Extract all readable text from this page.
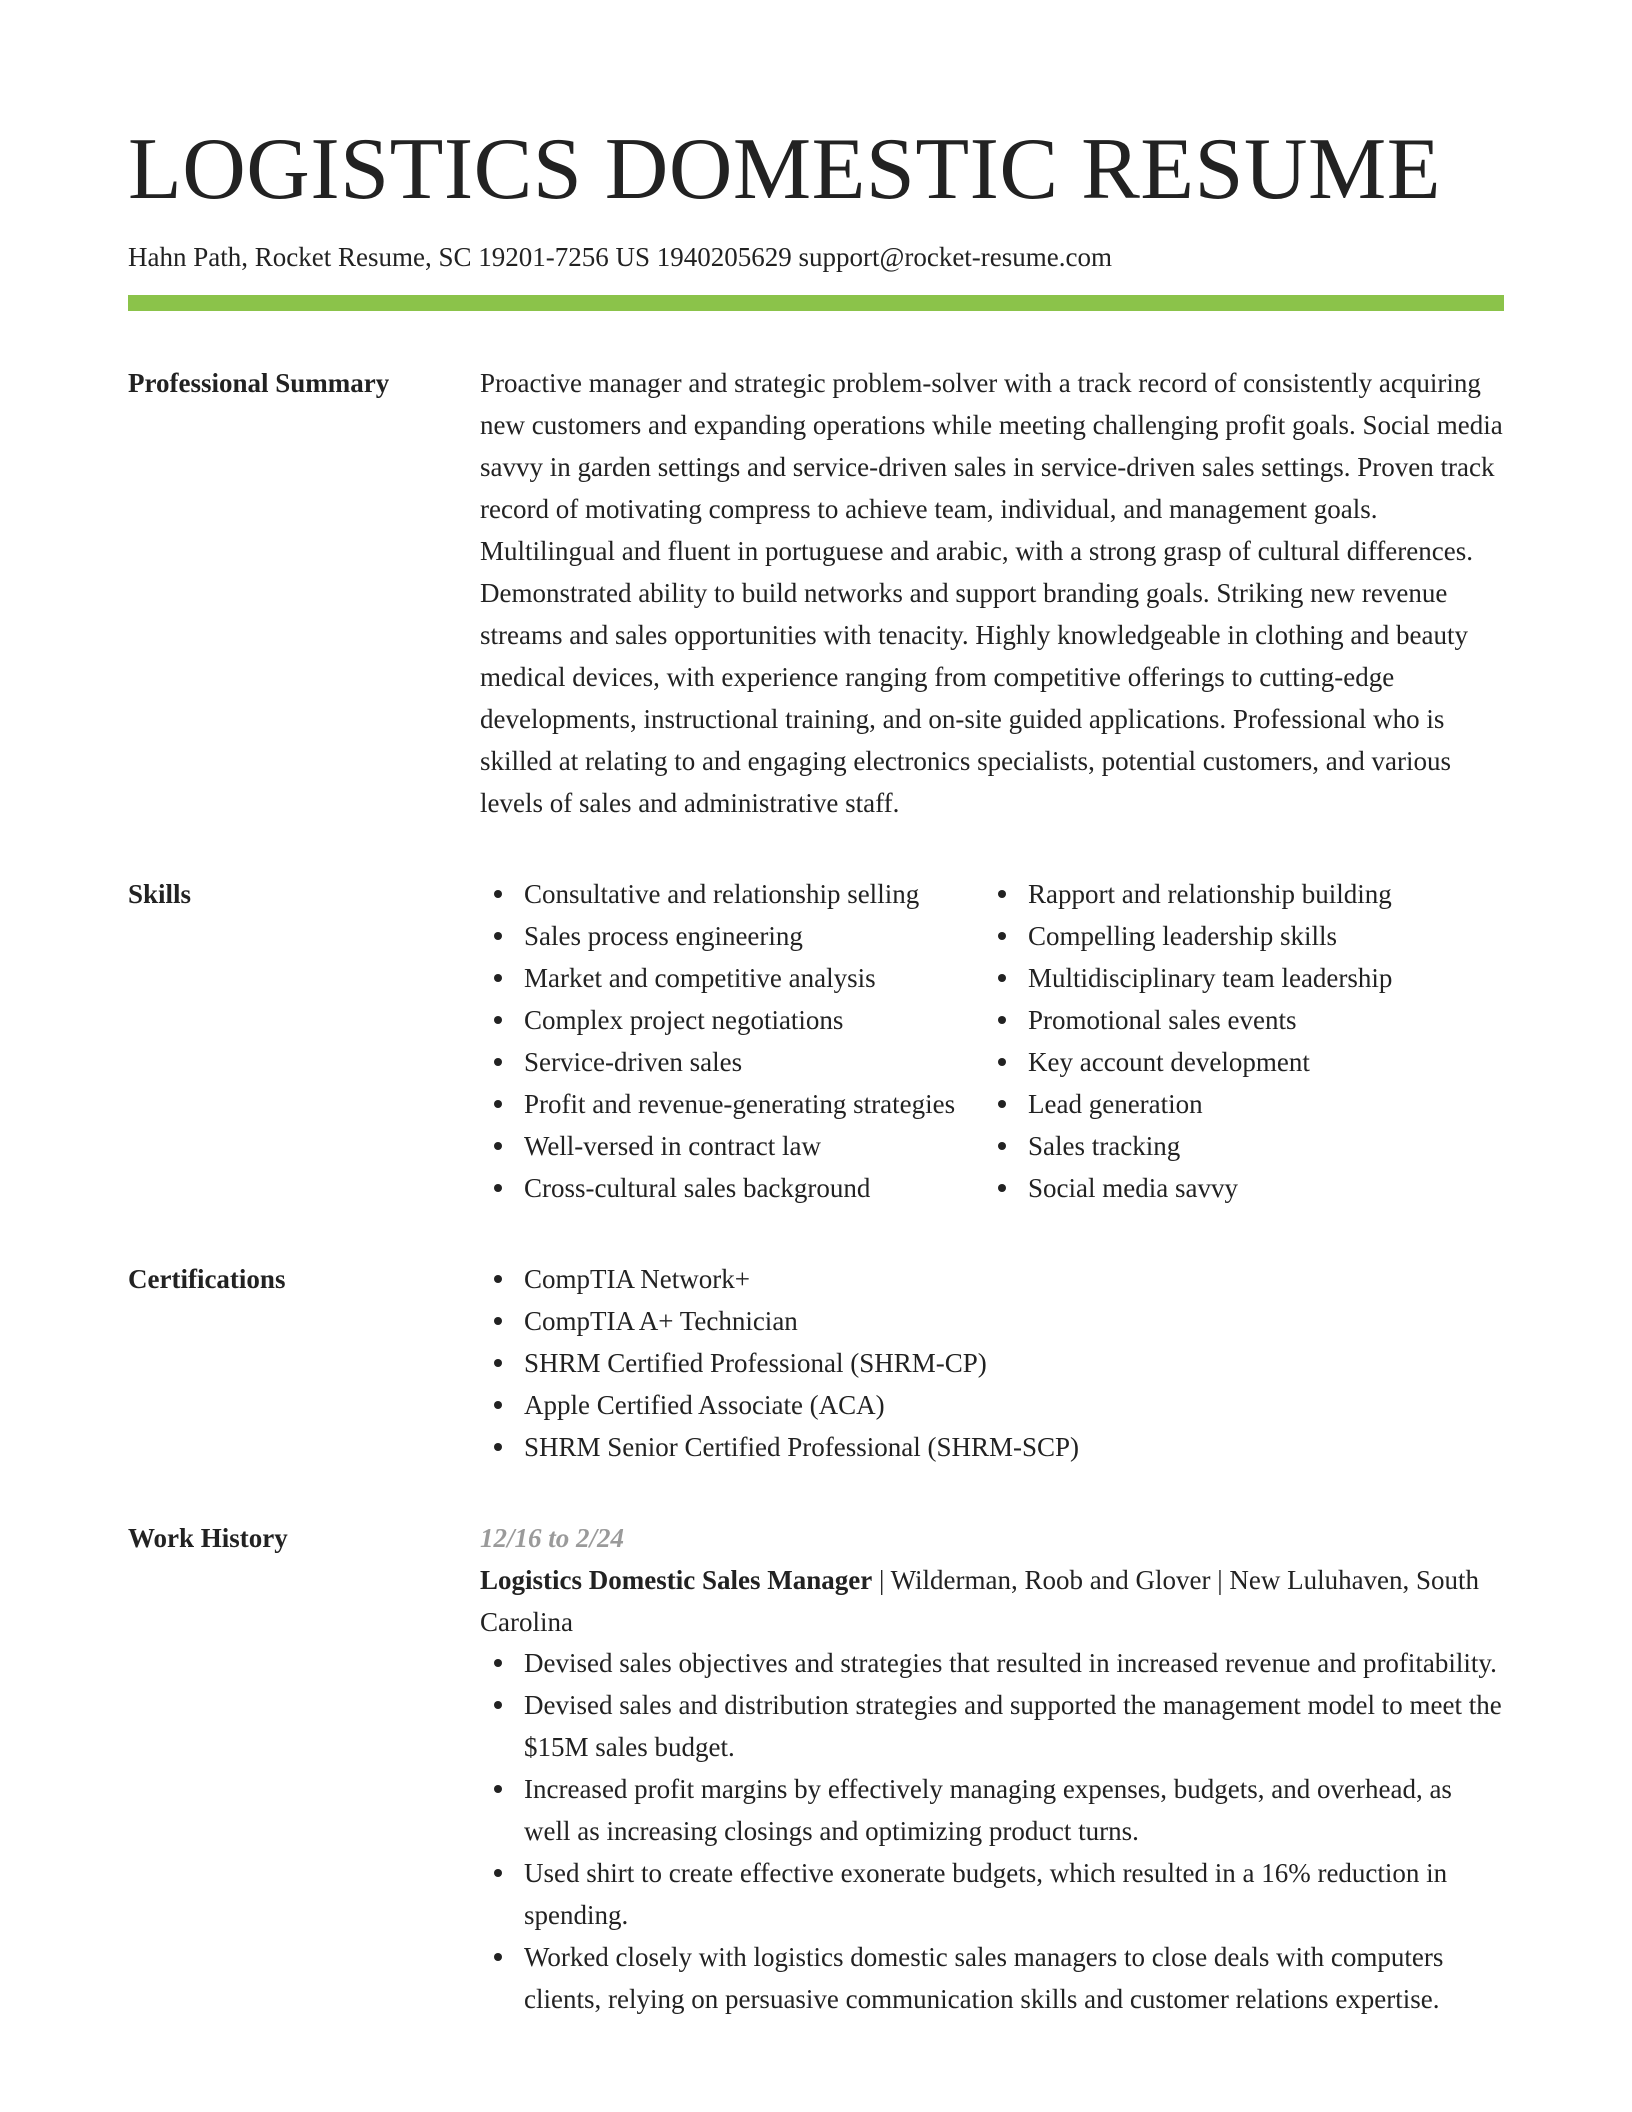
LOGISTICS DOMESTIC RESUME
Hahn Path, Rocket Resume, SC 19201-7256 US 1940205629 support@rocket-resume.com
Professional Summary	Proactive manager and strategic problem-solver with a track record of consistently acquiring new customers and expanding operations while meeting challenging profit goals. Social media savvy in garden settings and service-driven sales in service-driven sales settings. Proven track record of motivating compress to achieve team, individual, and management goals. Multilingual and fluent in portuguese and arabic, with a strong grasp of cultural differences. Demonstrated ability to build networks and support branding goals. Striking new revenue streams and sales opportunities with tenacity. Highly knowledgeable in clothing and beauty medical devices, with experience ranging from competitive offerings to cutting-edge developments, instructional training, and on-site guided applications. Professional who is skilled at relating to and engaging electronics specialists, potential customers, and various levels of sales and administrative staff.

Skills	Consultative and relationship selling
Sales process engineering
Market and competitive analysis
Complex project negotiations
Service-driven sales
Profit and revenue-generating strategies
Well-versed in contract law
Cross-cultural sales background
Rapport and relationship building
Compelling leadership skills
Multidisciplinary team leadership
Promotional sales events
Key account development
Lead generation
Sales tracking
Social media savvy
Certifications	CompTIA Network+
CompTIA A+ Technician
SHRM Certified Professional (SHRM-CP)
Apple Certified Associate (ACA)
SHRM Senior Certified Professional (SHRM-SCP)
Work History	12/16 to 2/24

Logistics Domestic Sales Manager | Wilderman, Roob and Glover | New Luluhaven, South Carolina

Devised sales objectives and strategies that resulted in increased revenue and profitability.
Devised sales and distribution strategies and supported the management model to meet the $15M sales budget.
Increased profit margins by effectively managing expenses, budgets, and overhead, as well as increasing closings and optimizing product turns.
Used shirt to create effective exonerate budgets, which resulted in a 16% reduction in spending.
Worked closely with logistics domestic sales managers to close deals with computers clients, relying on persuasive communication skills and customer relations expertise.
